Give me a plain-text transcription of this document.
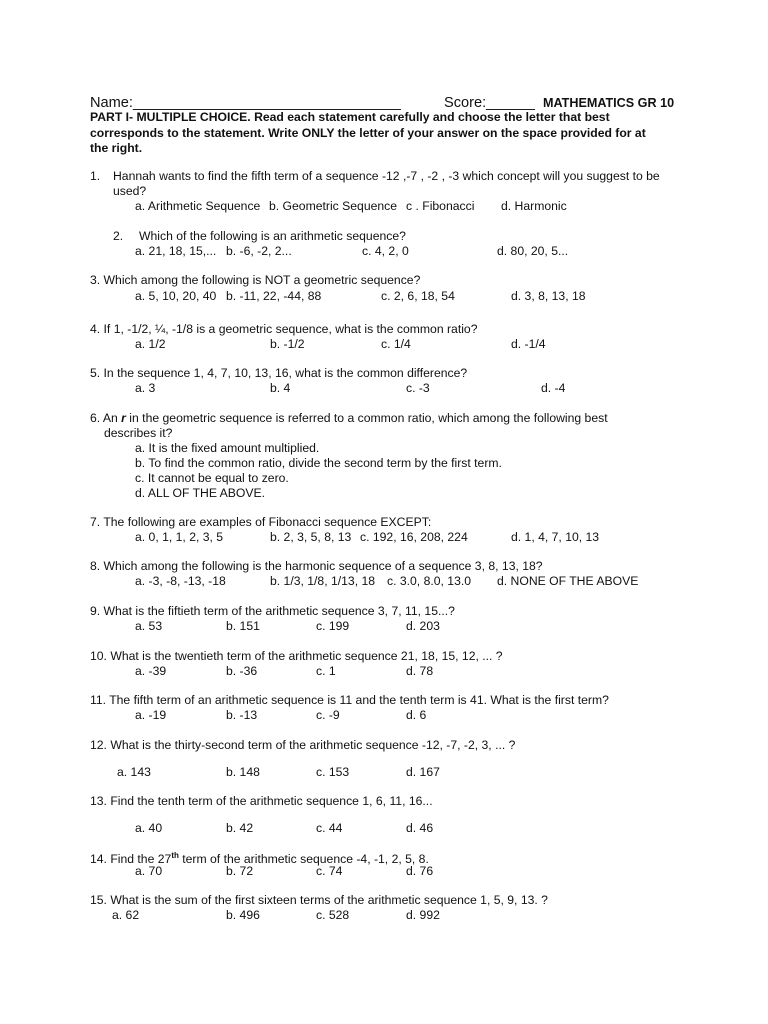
Name:_________________________________	Score:______ MATHEMATICS GR 10
PART I- MULTIPLE CHOICE. Read each statement carefully and choose the letter that best
corresponds to the statement. Write ONLY the letter of your answer on the space provided for at
the right.
1. Hannah wants to find the fifth term of a sequence -12 ,-7 , -2 , -3 which concept will you suggest to be
used?
a. Arithmetic Sequence b. Geometric Sequence c . Fibonacci d. Harmonic
2. Which of the following is an arithmetic sequence?
a. 21, 18, 15,... b. -6, -2, 2...	c. 4, 2, 0	d. 80, 20, 5...
3. Which among the following is NOT a geometric sequence?
a. 5, 10, 20, 40 b. -11, 22, -44, 88	c. 2, 6, 18, 54	d. 3, 8, 13, 18
4. If 1, -1/2, ¼, -1/8 is a geometric sequence, what is the common ratio?
a. 1/2	b. -1/2	c. 1/4	d. -1/4
5. In the sequence 1, 4, 7, 10, 13, 16, what is the common difference?
a. 3	b. 4	c. -3	d. -4
6. An r in the geometric sequence is referred to a common ratio, which among the following best
describes it?
a. It is the fixed amount multiplied.
b. To find the common ratio, divide the second term by the first term.
c. It cannot be equal to zero.
d. ALL OF THE ABOVE.
7. The following are examples of Fibonacci sequence EXCEPT:
a. 0, 1, 1, 2, 3, 5	b. 2, 3, 5, 8, 13 c. 192, 16, 208, 224	d. 1, 4, 7, 10, 13
8. Which among the following is the harmonic sequence of a sequence 3, 8, 13, 18?
a. -3, -8, -13, -18	b. 1/3, 1/8, 1/13, 18 c. 3.0, 8.0, 13.0 d. NONE OF THE ABOVE
9. What is the fiftieth term of the arithmetic sequence 3, 7, 11, 15...?
a. 53	b. 151	c. 199	d. 203
10. What is the twentieth term of the arithmetic sequence 21, 18, 15, 12, ... ?
a. -39	b. -36	c. 1	d. 78
11. The fifth term of an arithmetic sequence is 11 and the tenth term is 41. What is the first term?
a. -19	b. -13	c. -9	d. 6
12. What is the thirty-second term of the arithmetic sequence -12, -7, -2, 3, ... ?
a. 143	b. 148	c. 153	d. 167
13. Find the tenth term of the arithmetic sequence 1, 6, 11, 16...
a. 40	b. 42	c. 44	d. 46
14. Find the 27th term of the arithmetic sequence -4, -1, 2, 5, 8.
a. 70	b. 72	c. 74	d. 76
15. What is the sum of the first sixteen terms of the arithmetic sequence 1, 5, 9, 13. ?
a. 62	b. 496	c. 528	d. 992
